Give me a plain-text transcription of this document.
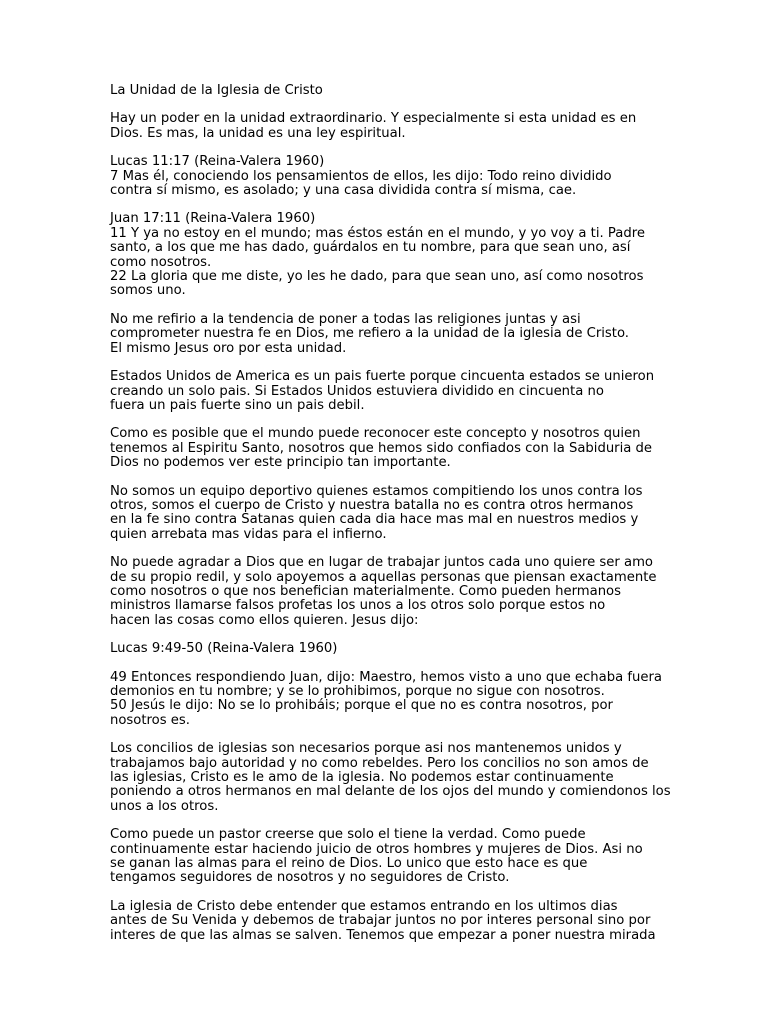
La Unidad de la Iglesia de Cristo
Hay un poder en la unidad extraordinario. Y especialmente si esta unidad es en
Dios. Es mas, la unidad es una ley espiritual.
Lucas 11:17 (Reina-Valera 1960)
7 Mas él, conociendo los pensamientos de ellos, les dijo: Todo reino dividido
contra sí mismo, es asolado; y una casa dividida contra sí misma, cae.
Juan 17:11 (Reina-Valera 1960)
11 Y ya no estoy en el mundo; mas éstos están en el mundo, y yo voy a ti. Padre
santo, a los que me has dado, guárdalos en tu nombre, para que sean uno, así
como nosotros.
22 La gloria que me diste, yo les he dado, para que sean uno, así como nosotros
somos uno.
No me refirio a la tendencia de poner a todas las religiones juntas y asi
comprometer nuestra fe en Dios, me refiero a la unidad de la iglesia de Cristo.
El mismo Jesus oro por esta unidad.
Estados Unidos de America es un pais fuerte porque cincuenta estados se unieron
creando un solo pais. Si Estados Unidos estuviera dividido en cincuenta no
fuera un pais fuerte sino un pais debil.
Como es posible que el mundo puede reconocer este concepto y nosotros quien
tenemos al Espiritu Santo, nosotros que hemos sido confiados con la Sabiduria de
Dios no podemos ver este principio tan importante.
No somos un equipo deportivo quienes estamos compitiendo los unos contra los
otros, somos el cuerpo de Cristo y nuestra batalla no es contra otros hermanos
en la fe sino contra Satanas quien cada dia hace mas mal en nuestros medios y
quien arrebata mas vidas para el infierno.
No puede agradar a Dios que en lugar de trabajar juntos cada uno quiere ser amo
de su propio redil, y solo apoyemos a aquellas personas que piensan exactamente
como nosotros o que nos benefician materialmente. Como pueden hermanos
ministros llamarse falsos profetas los unos a los otros solo porque estos no
hacen las cosas como ellos quieren. Jesus dijo:
Lucas 9:49-50 (Reina-Valera 1960)
49 Entonces respondiendo Juan, dijo: Maestro, hemos visto a uno que echaba fuera
demonios en tu nombre; y se lo prohibimos, porque no sigue con nosotros.
50 Jesús le dijo: No se lo prohibáis; porque el que no es contra nosotros, por
nosotros es.
Los concilios de iglesias son necesarios porque asi nos mantenemos unidos y
trabajamos bajo autoridad y no como rebeldes. Pero los concilios no son amos de
las iglesias, Cristo es le amo de la iglesia. No podemos estar continuamente
poniendo a otros hermanos en mal delante de los ojos del mundo y comiendonos los
unos a los otros.
Como puede un pastor creerse que solo el tiene la verdad. Como puede
continuamente estar haciendo juicio de otros hombres y mujeres de Dios. Asi no
se ganan las almas para el reino de Dios. Lo unico que esto hace es que
tengamos seguidores de nosotros y no seguidores de Cristo.
La iglesia de Cristo debe entender que estamos entrando en los ultimos dias
antes de Su Venida y debemos de trabajar juntos no por interes personal sino por
interes de que las almas se salven. Tenemos que empezar a poner nuestra mirada
